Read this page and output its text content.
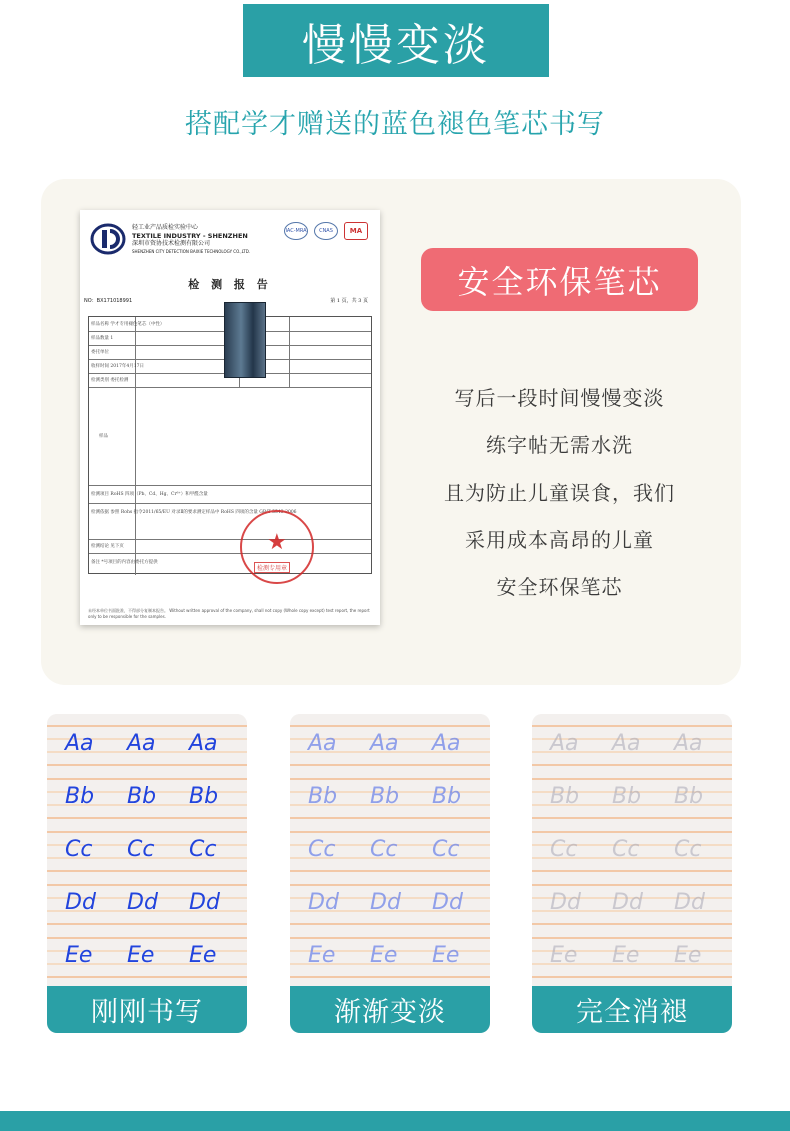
慢慢变淡
搭配学才赠送的蓝色褪色笔芯书写
轻工业产品质检实验中心
TEXTILE INDUSTRY - SHENZHEN
深圳市资协技术检测有限公司
SHENZHEN CITY DETECTION BAIXIE TECHNOLOGY CO.,LTD.
IAC-MRA	CNAS	MA
检 测 报 告
NO：BX171018991	第 1 页，共 3 页
样品名称 学才专用褪色笔芯（中性）
样品数量 1
委托单位
收样时间 2017年4月17日
检测类别 委托检测
样品
检测项目 RoHS 四项（Pb、Cd、Hg、Cr⁶⁺）和甲醛含量
检测依据 参照 Rohs 指令2011/65/EU 对录Ⅱ的要求测定样品中 RoHS 四项的含量 GB/T 5543-2006
检测结论 见下页
备注 *号项目的内容由委托方提供
★
检测专用章
未经本单位书面批准，不得部分复制本报告。 Without written approval of the company, shall not copy (Whole copy except) test report, the report only to be responsible for the samples.
安全环保笔芯
写后一段时间慢慢变淡
练字帖无需水洗
且为防止儿童误食，我们
采用成本高昂的儿童
安全环保笔芯
Aa Aa Aa
Bb Bb Bb
Cc Cc Cc
Dd Dd Dd
Ee Ee Ee
刚刚书写
Aa Aa Aa
Bb Bb Bb
Cc Cc Cc
Dd Dd Dd
Ee Ee Ee
渐渐变淡
Aa Aa Aa
Bb Bb Bb
Cc Cc Cc
Dd Dd Dd
Ee Ee Ee
完全消褪
